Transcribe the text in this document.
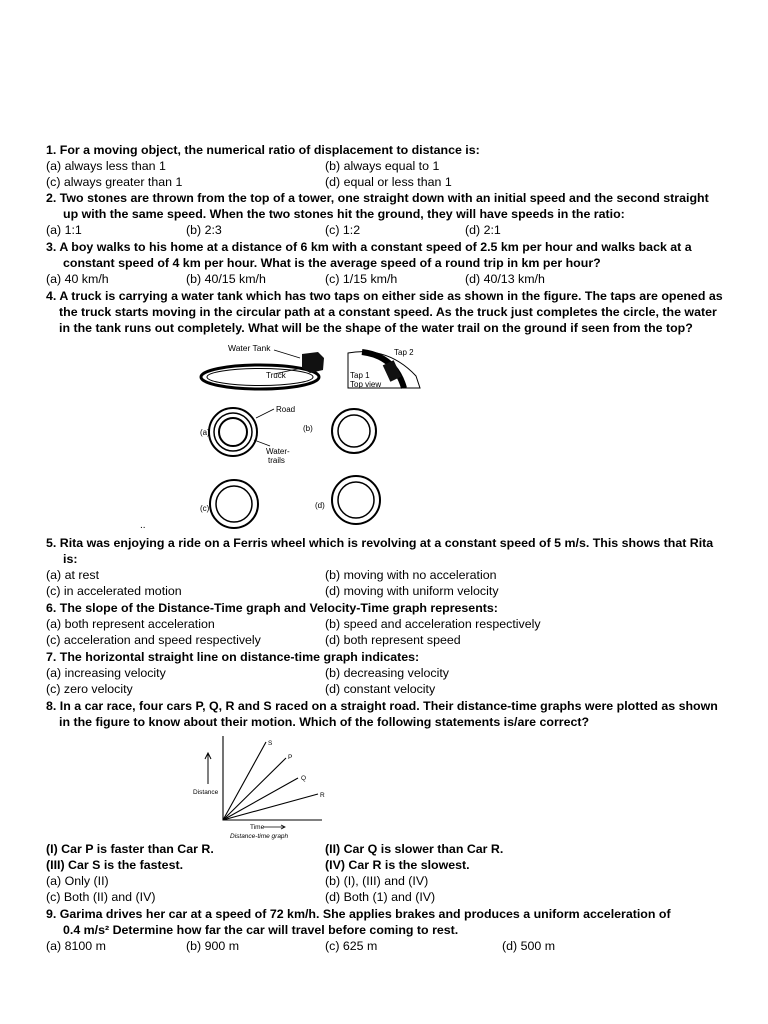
1. For a moving object, the numerical ratio of displacement to distance is:
(a) always less than 1	(b) always equal to 1
(c) always greater than 1	(d) equal or less than 1
2. Two stones are thrown from the top of a tower, one straight down with an initial speed and the second straight
up with the same speed. When the two stones hit the ground, they will have speeds in the ratio:
(a) 1:1	(b) 2:3	(c) 1:2	(d) 2:1
3. A boy walks to his home at a distance of 6 km with a constant speed of 2.5 km per hour and walks back at a
constant speed of 4 km per hour. What is the average speed of a round trip in km per hour?
(a) 40 km/h	(b) 40/15 km/h	(c) 1/15 km/h	(d) 40/13 km/h
4. A truck is carrying a water tank which has two taps on either side as shown in the figure. The taps are opened as
the truck starts moving in the circular path at a constant speed. As the truck just completes the circle, the water
in the tank runs out completely. What will be the shape of the water trail on the ground if seen from the top?
Water Tank
Truck
Tap 2
Tap 1
Top view
(a)
Road
Water-
trails
(b)
(c)	(d)
..
5. Rita was enjoying a ride on a Ferris wheel which is revolving at a constant speed of 5 m/s. This shows that Rita
is:
(a) at rest	(b) moving with no acceleration
(c) in accelerated motion	(d) moving with uniform velocity
6. The slope of the Distance-Time graph and Velocity-Time graph represents:
(a) both represent acceleration	(b) speed and acceleration respectively
(c) acceleration and speed respectively	(d) both represent speed
7. The horizontal straight line on distance-time graph indicates:
(a) increasing velocity	(b) decreasing velocity
(c) zero velocity	(d) constant velocity
8. In a car race, four cars P, Q, R and S raced on a straight road. Their distance-time graphs were plotted as shown
in the figure to know about their motion. Which of the following statements is/are correct?
Distance
S
P
Q
R
Time
Distance-time graph
(I) Car P is faster than Car R.	(II) Car Q is slower than Car R.
(III) Car S is the fastest.	(IV) Car R is the slowest.
(a) Only (II)	(b) (I), (III) and (IV)
(c) Both (II) and (IV)	(d) Both (1) and (IV)
9. Garima drives her car at a speed of 72 km/h. She applies brakes and produces a uniform acceleration of
0.4 m/s² Determine how far the car will travel before coming to rest.
(a) 8100 m	(b) 900 m	(c) 625 m	(d) 500 m
